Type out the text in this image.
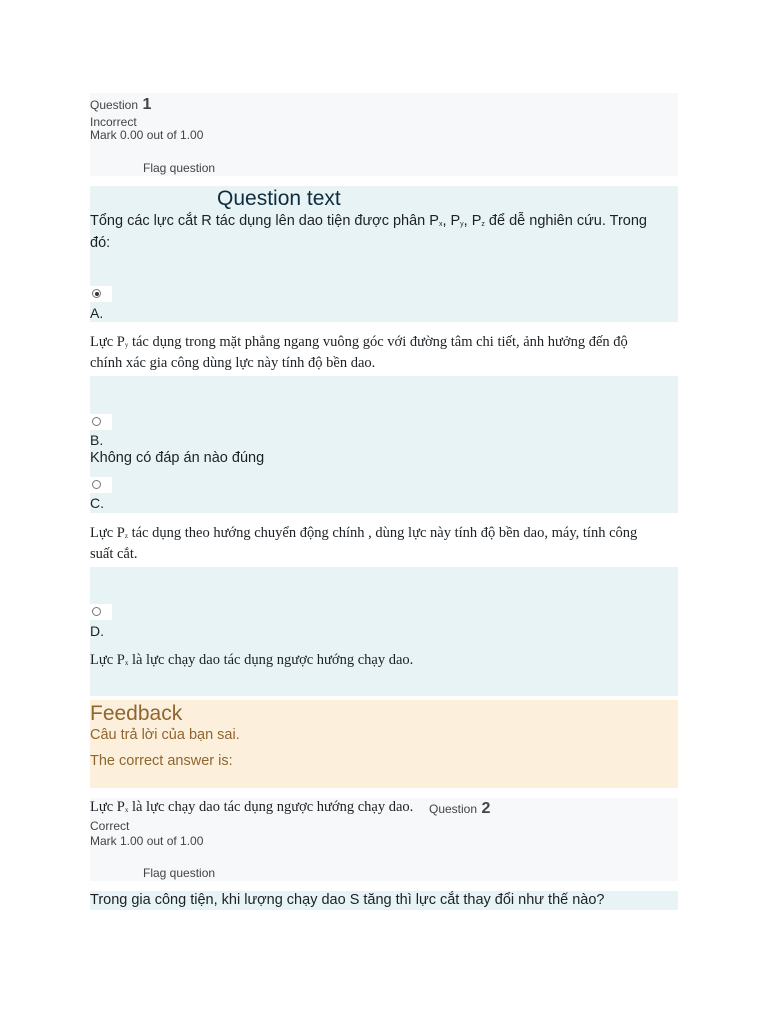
Question 1
Incorrect
Mark 0.00 out of 1.00
Flag question
Question text
Tổng các lực cắt R tác dụng lên dao tiện được phân $P_x$, $P_y$, $P_z$ để dễ nghiên cứu. Trong
đó:
A.
Lực $P_y$ tác dụng trong mặt phẳng ngang vuông góc với đường tâm chi tiết, ảnh hưởng đến độ
chính xác gia công dùng lực này tính độ bền dao.
B.
Không có đáp án nào đúng
C.
Lực $P_z$ tác dụng theo hướng chuyển động chính , dùng lực này tính độ bền dao, máy, tính công
suất cắt.
D.
Lực $P_x$ là lực chạy dao tác dụng ngược hướng chạy dao.
Feedback
Câu trả lời của bạn sai.
The correct answer is:
Lực $P_x$ là lực chạy dao tác dụng ngược hướng chạy dao. Question 2
Correct
Mark 1.00 out of 1.00
Flag question
Trong gia công tiện, khi lượng chạy dao S tăng thì lực cắt thay đổi như thế nào?
